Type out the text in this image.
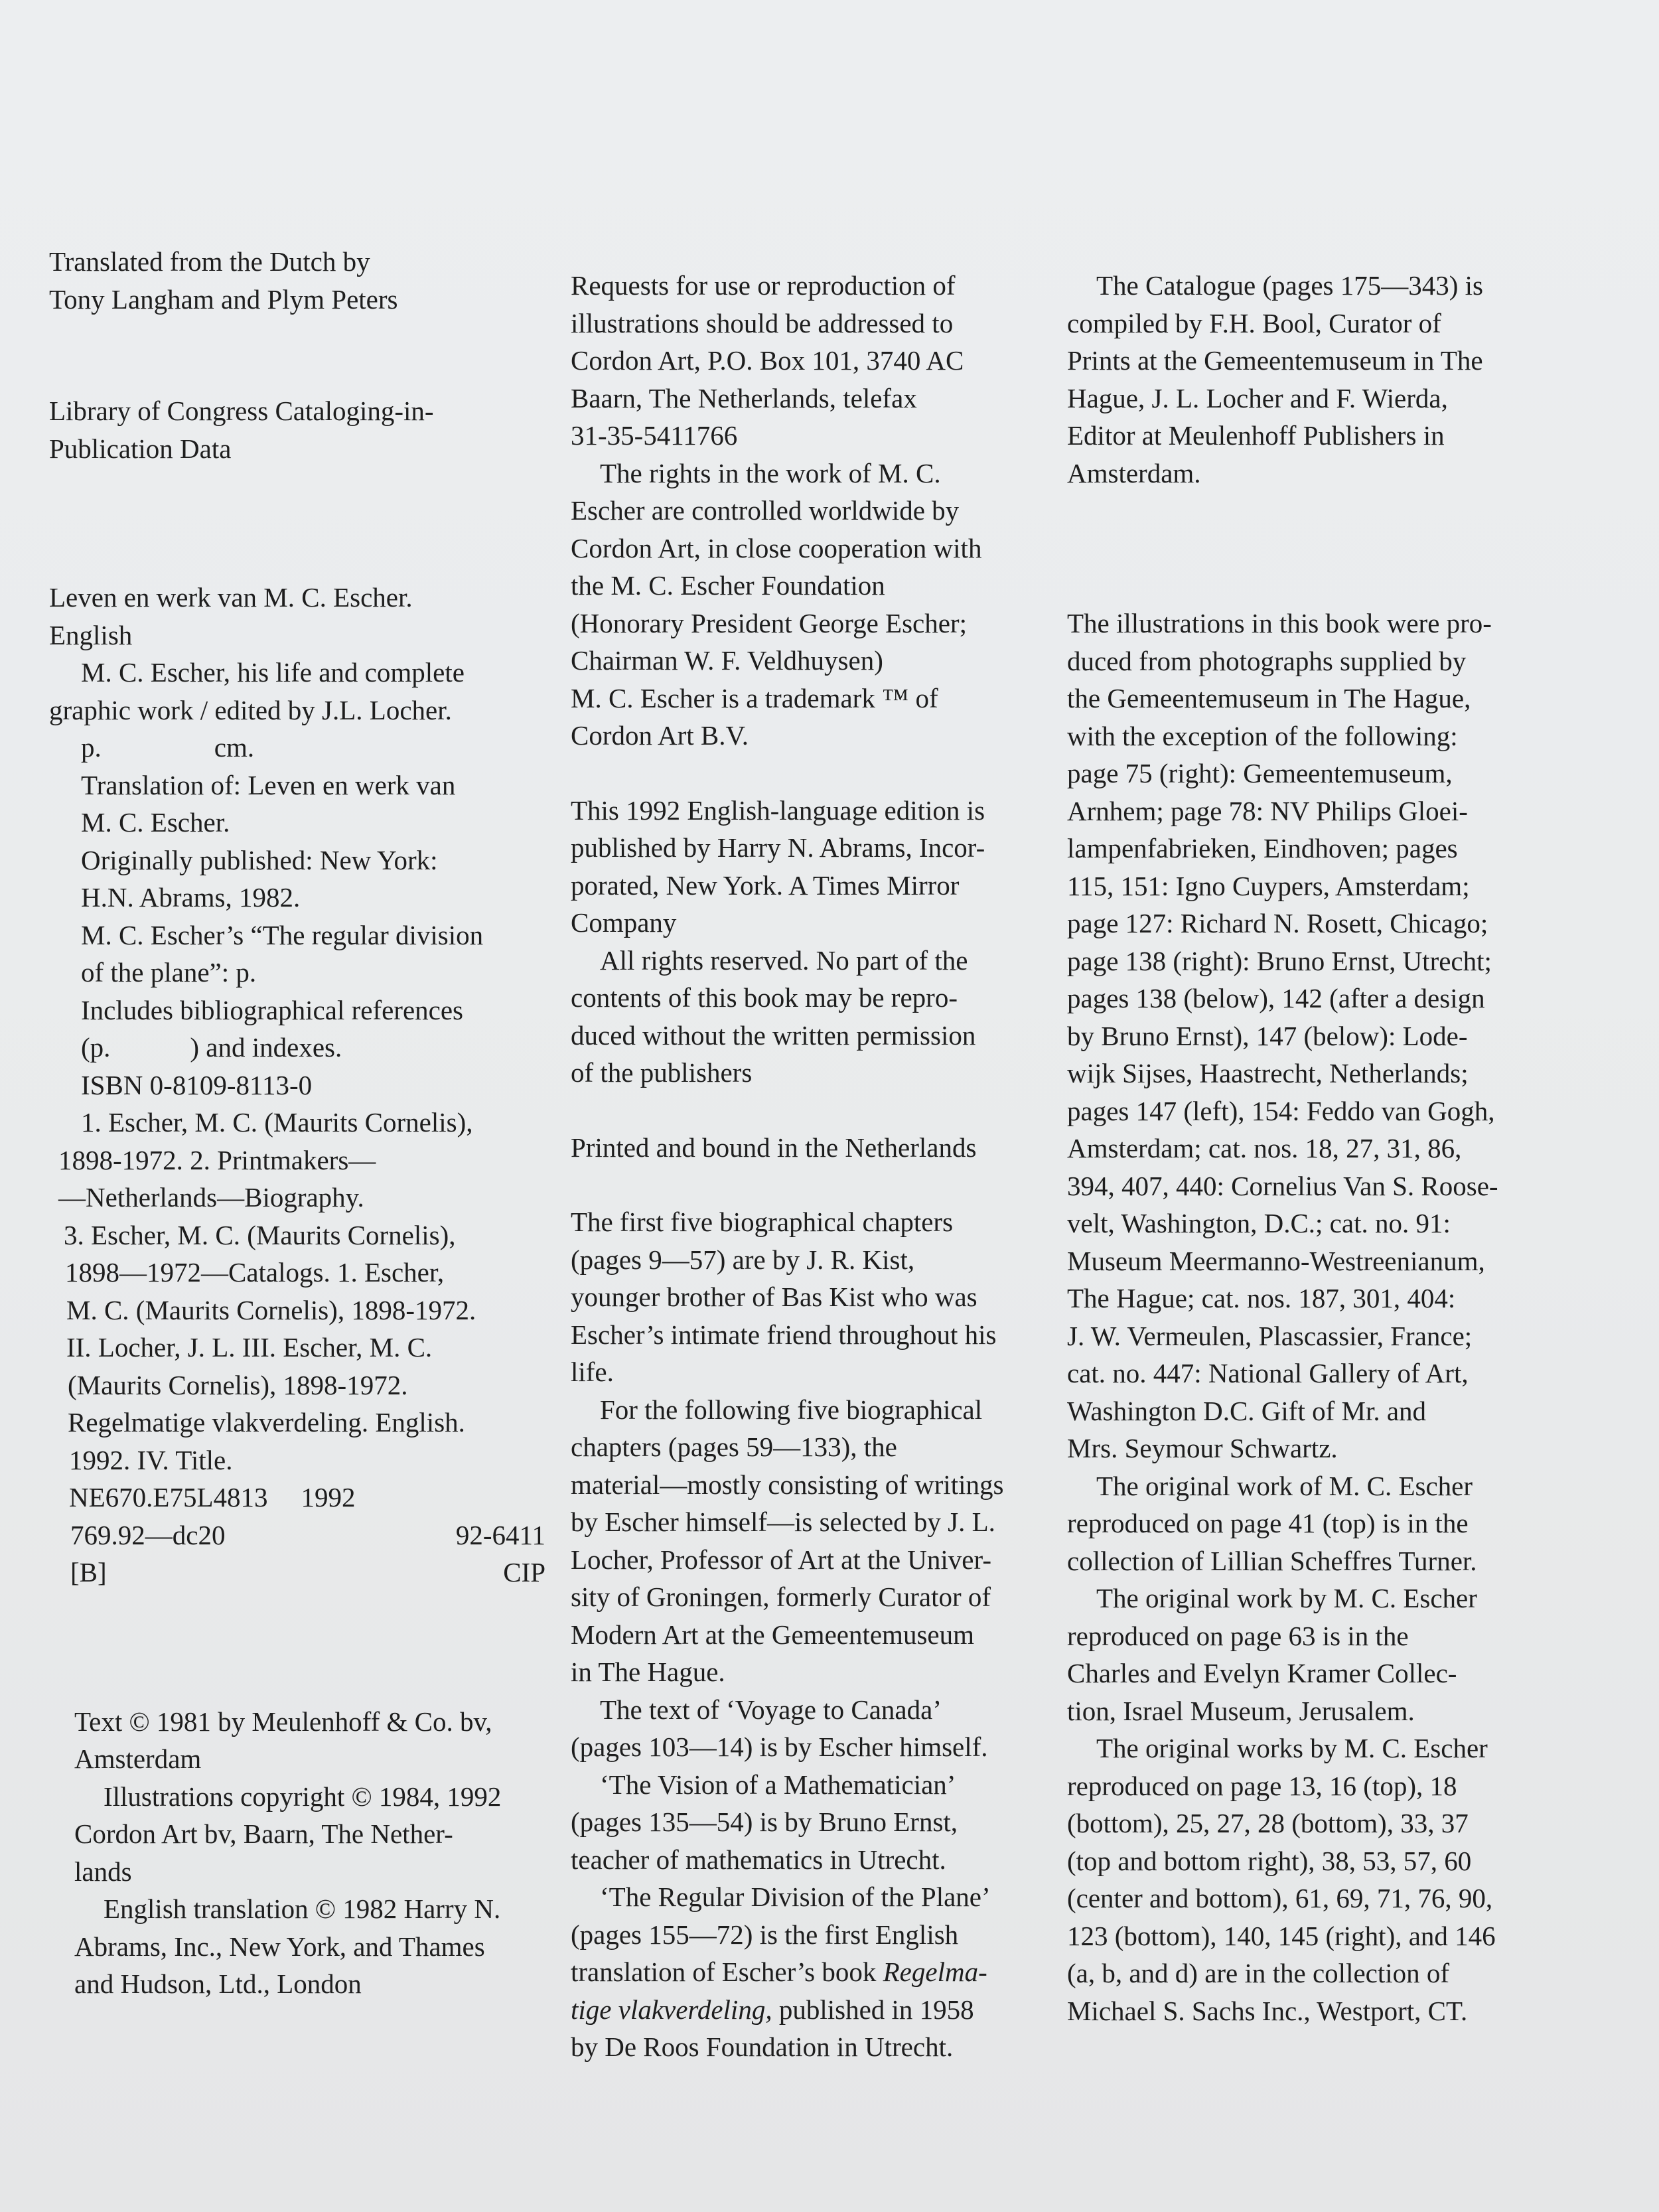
Translated from the Dutch by

Tony Langham and Plym Peters

Library of Congress Cataloging-in-

Publication Data

Leven en werk van M. C. Escher.

English

M. C. Escher, his life and complete

graphic work / edited by J.L. Locher.

p.	cm.

Translation of: Leven en werk van

M. C. Escher.

Originally published: New York:

H.N. Abrams, 1982.

M. C. Escher’s “The regular division

of the plane”: p.

Includes bibliographical references

(p.	) and indexes.

ISBN 0-8109-8113-0

1. Escher, M. C. (Maurits Cornelis),

1898-1972. 2. Printmakers—

—Netherlands—Biography.

3. Escher, M. C. (Maurits Cornelis),

1898—1972—Catalogs. 1. Escher,

M. C. (Maurits Cornelis), 1898-1972.

II. Locher, J. L. III. Escher, M. C.

(Maurits Cornelis), 1898-1972.

Regelmatige vlakverdeling. English.

1992. IV. Title.

NE670.E75L4813 1992

769.92—dc20	92-6411

[B]	CIP

Text © 1981 by Meulenhoff & Co. bv,

Amsterdam

Illustrations copyright © 1984, 1992

Cordon Art bv, Baarn, The Nether-

lands

English translation © 1982 Harry N.

Abrams, Inc., New York, and Thames

and Hudson, Ltd., London

Requests for use or reproduction of

illustrations should be addressed to

Cordon Art, P.O. Box 101, 3740 AC

Baarn, The Netherlands, telefax

31-35-5411766

The rights in the work of M. C.

Escher are controlled worldwide by

Cordon Art, in close cooperation with

the M. C. Escher Foundation

(Honorary President George Escher;

Chairman W. F. Veldhuysen)

M. C. Escher is a trademark ™ of

Cordon Art B.V.

This 1992 English-language edition is

published by Harry N. Abrams, Incor-

porated, New York. A Times Mirror

Company

All rights reserved. No part of the

contents of this book may be repro-

duced without the written permission

of the publishers

Printed and bound in the Netherlands

The first five biographical chapters

(pages 9—57) are by J. R. Kist,

younger brother of Bas Kist who was

Escher’s intimate friend throughout his

life.

For the following five biographical

chapters (pages 59—133), the

material—mostly consisting of writings

by Escher himself—is selected by J. L.

Locher, Professor of Art at the Univer-

sity of Groningen, formerly Curator of

Modern Art at the Gemeentemuseum

in The Hague.

The text of ‘Voyage to Canada’

(pages 103—14) is by Escher himself.

‘The Vision of a Mathematician’

(pages 135—54) is by Bruno Ernst,

teacher of mathematics in Utrecht.

‘The Regular Division of the Plane’

(pages 155—72) is the first English

translation of Escher’s book Regelma-

tige vlakverdeling, published in 1958

by De Roos Foundation in Utrecht.

The Catalogue (pages 175—343) is

compiled by F.H. Bool, Curator of

Prints at the Gemeentemuseum in The

Hague, J. L. Locher and F. Wierda,

Editor at Meulenhoff Publishers in

Amsterdam.

The illustrations in this book were pro-

duced from photographs supplied by

the Gemeentemuseum in The Hague,

with the exception of the following:

page 75 (right): Gemeentemuseum,

Arnhem; page 78: NV Philips Gloei-

lampenfabrieken, Eindhoven; pages

115, 151: Igno Cuypers, Amsterdam;

page 127: Richard N. Rosett, Chicago;

page 138 (right): Bruno Ernst, Utrecht;

pages 138 (below), 142 (after a design

by Bruno Ernst), 147 (below): Lode-

wijk Sijses, Haastrecht, Netherlands;

pages 147 (left), 154: Feddo van Gogh,

Amsterdam; cat. nos. 18, 27, 31, 86,

394, 407, 440: Cornelius Van S. Roose-

velt, Washington, D.C.; cat. no. 91:

Museum Meermanno-Westreenianum,

The Hague; cat. nos. 187, 301, 404:

J. W. Vermeulen, Plascassier, France;

cat. no. 447: National Gallery of Art,

Washington D.C. Gift of Mr. and

Mrs. Seymour Schwartz.

The original work of M. C. Escher

reproduced on page 41 (top) is in the

collection of Lillian Scheffres Turner.

The original work by M. C. Escher

reproduced on page 63 is in the

Charles and Evelyn Kramer Collec-

tion, Israel Museum, Jerusalem.

The original works by M. C. Escher

reproduced on page 13, 16 (top), 18

(bottom), 25, 27, 28 (bottom), 33, 37

(top and bottom right), 38, 53, 57, 60

(center and bottom), 61, 69, 71, 76, 90,

123 (bottom), 140, 145 (right), and 146

(a, b, and d) are in the collection of

Michael S. Sachs Inc., Westport, CT.
